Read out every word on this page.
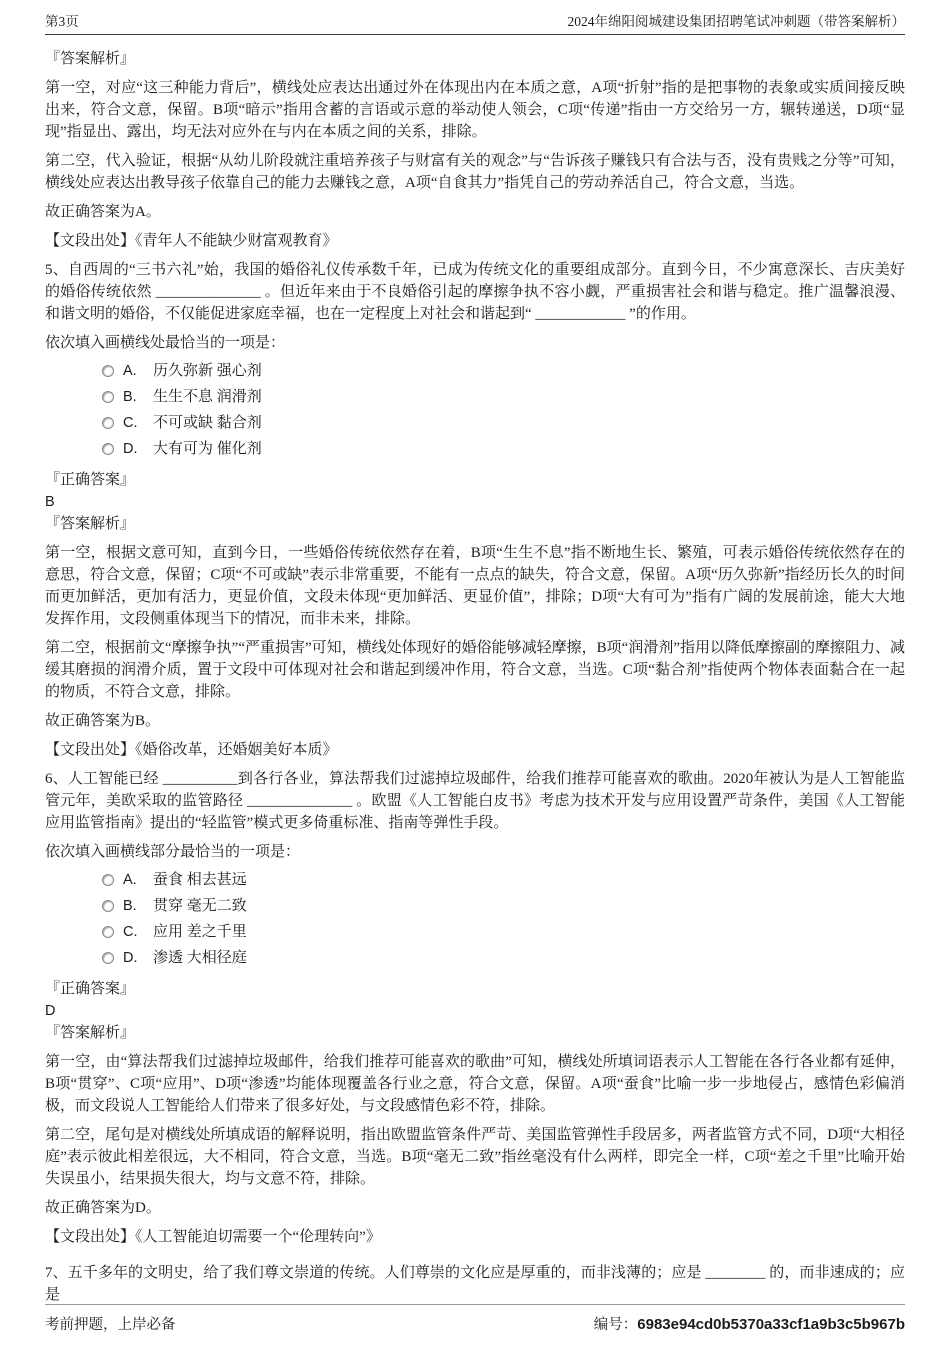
第3页	2024年绵阳阅城建设集团招聘笔试冲刺题（带答案解析）

『答案解析』

第一空，对应“这三种能力背后”，横线处应表达出通过外在体现出内在本质之意，A项“折射”指的是把事物的表象或实质间接反映出来，符合文意，保留。B项“暗示”指用含蓄的言语或示意的举动使人领会，C项“传递”指由一方交给另一方，辗转递送，D项“显现”指显出、露出，均无法对应外在与内在本质之间的关系，排除。

第二空，代入验证，根据“从幼儿阶段就注重培养孩子与财富有关的观念”与“告诉孩子赚钱只有合法与否，没有贵贱之分等”可知，横线处应表达出教导孩子依靠自己的能力去赚钱之意，A项“自食其力”指凭自己的劳动养活自己，符合文意，当选。

故正确答案为A。

【文段出处】《青年人不能缺少财富观教育》

5、自西周的“三书六礼”始，我国的婚俗礼仪传承数千年，已成为传统文化的重要组成部分。直到今日，不少寓意深长、吉庆美好的婚俗传统依然 ______________ 。但近年来由于不良婚俗引起的摩擦争执不容小觑，严重损害社会和谐与稳定。推广温馨浪漫、和谐文明的婚俗，不仅能促进家庭幸福，也在一定程度上对社会和谐起到“ ____________ ”的作用。

依次填入画横线处最恰当的一项是：

A.	历久弥新 强心剂
B.	生生不息 润滑剂
C.	不可或缺 黏合剂
D.	大有可为 催化剂

『正确答案』

B

『答案解析』

第一空，根据文意可知，直到今日，一些婚俗传统依然存在着，B项“生生不息”指不断地生长、繁殖，可表示婚俗传统依然存在的意思，符合文意，保留；C项“不可或缺”表示非常重要，不能有一点点的缺失，符合文意，保留。A项“历久弥新”指经历长久的时间而更加鲜活，更加有活力，更显价值，文段未体现“更加鲜活、更显价值”，排除；D项“大有可为”指有广阔的发展前途，能大大地发挥作用，文段侧重体现当下的情况，而非未来，排除。

第二空，根据前文“摩擦争执”“严重损害”可知，横线处体现好的婚俗能够减轻摩擦，B项“润滑剂”指用以降低摩擦副的摩擦阻力、减缓其磨损的润滑介质，置于文段中可体现对社会和谐起到缓冲作用，符合文意，当选。C项“黏合剂”指使两个物体表面黏合在一起的物质，不符合文意，排除。

故正确答案为B。

【文段出处】《婚俗改革，还婚姻美好本质》

6、人工智能已经 __________到各行各业，算法帮我们过滤掉垃圾邮件，给我们推荐可能喜欢的歌曲。2020年被认为是人工智能监管元年，美欧采取的监管路径 ______________ 。欧盟《人工智能白皮书》考虑为技术开发与应用设置严苛条件，美国《人工智能应用监管指南》提出的“轻监管”模式更多倚重标准、指南等弹性手段。

依次填入画横线部分最恰当的一项是：

A.	蚕食 相去甚远
B.	贯穿 毫无二致
C.	应用 差之千里
D.	渗透 大相径庭

『正确答案』

D

『答案解析』

第一空，由“算法帮我们过滤掉垃圾邮件，给我们推荐可能喜欢的歌曲”可知，横线处所填词语表示人工智能在各行各业都有延伸，B项“贯穿”、C项“应用”、D项“渗透”均能体现覆盖各行业之意，符合文意，保留。A项“蚕食”比喻一步一步地侵占，感情色彩偏消极，而文段说人工智能给人们带来了很多好处，与文段感情色彩不符，排除。

第二空，尾句是对横线处所填成语的解释说明，指出欧盟监管条件严苛、美国监管弹性手段居多，两者监管方式不同，D项“大相径庭”表示彼此相差很远，大不相同，符合文意，当选。B项“毫无二致”指丝毫没有什么两样，即完全一样，C项“差之千里”比喻开始失误虽小，结果损失很大，均与文意不符，排除。

故正确答案为D。

【文段出处】《人工智能迫切需要一个“伦理转向”》

7、五千多年的文明史，给了我们尊文崇道的传统。人们尊崇的文化应是厚重的，而非浅薄的；应是 ________ 的，而非速成的；应是

考前押题，上岸必备	编号：6983e94cd0b5370a33cf1a9b3c5b967b
